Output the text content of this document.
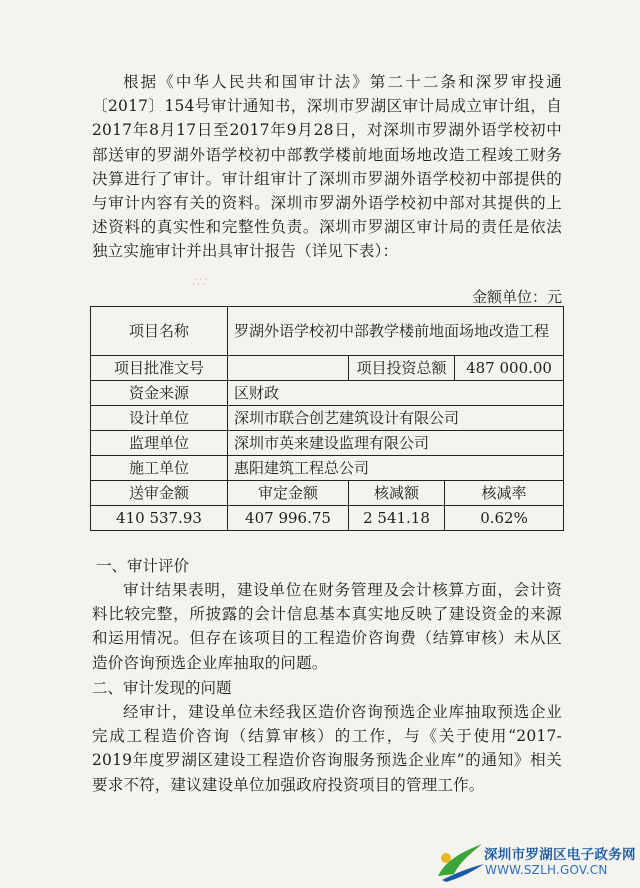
根据《中华人民共和国审计法》第二十二条和深罗审投通〔2017〕154号审计通知书，深圳市罗湖区审计局成立审计组，自2017年8月17日至2017年9月28日，对深圳市罗湖外语学校初中部送审的罗湖外语学校初中部教学楼前地面场地改造工程竣工财务决算进行了审计。审计组审计了深圳市罗湖外语学校初中部提供的与审计内容有关的资料。深圳市罗湖外语学校初中部对其提供的上述资料的真实性和完整性负责。深圳市罗湖区审计局的责任是依法独立实施审计并出具审计报告（详见下表）：

∴∵
金额单位：元
项目名称	罗湖外语学校初中部教学楼前地面场地改造工程			
项目批准文号		项目投资总额		487 000.00
资金来源	区财政			
设计单位	深圳市联合创艺建筑设计有限公司			
监理单位	深圳市英来建设监理有限公司			
施工单位	惠阳建筑工程总公司			
送审金额	审定金额	核减额	核减率	
410 537.93	407 996.75	2 541.18	0.62%	
一、审计评价

审计结果表明，建设单位在财务管理及会计核算方面，会计资料比较完整，所披露的会计信息基本真实地反映了建设资金的来源和运用情况。但存在该项目的工程造价咨询费（结算审核）未从区造价咨询预选企业库抽取的问题。

二、审计发现的问题

经审计，建设单位未经我区造价咨询预选企业库抽取预选企业完成工程造价咨询（结算审核）的工作，与《关于使用“2017-2019年度罗湖区建设工程造价咨询服务预选企业库”的通知》相关要求不符，建议建设单位加强政府投资项目的管理工作。

深圳市罗湖区电子政务网
WWW.SZLH.GOV.CN
